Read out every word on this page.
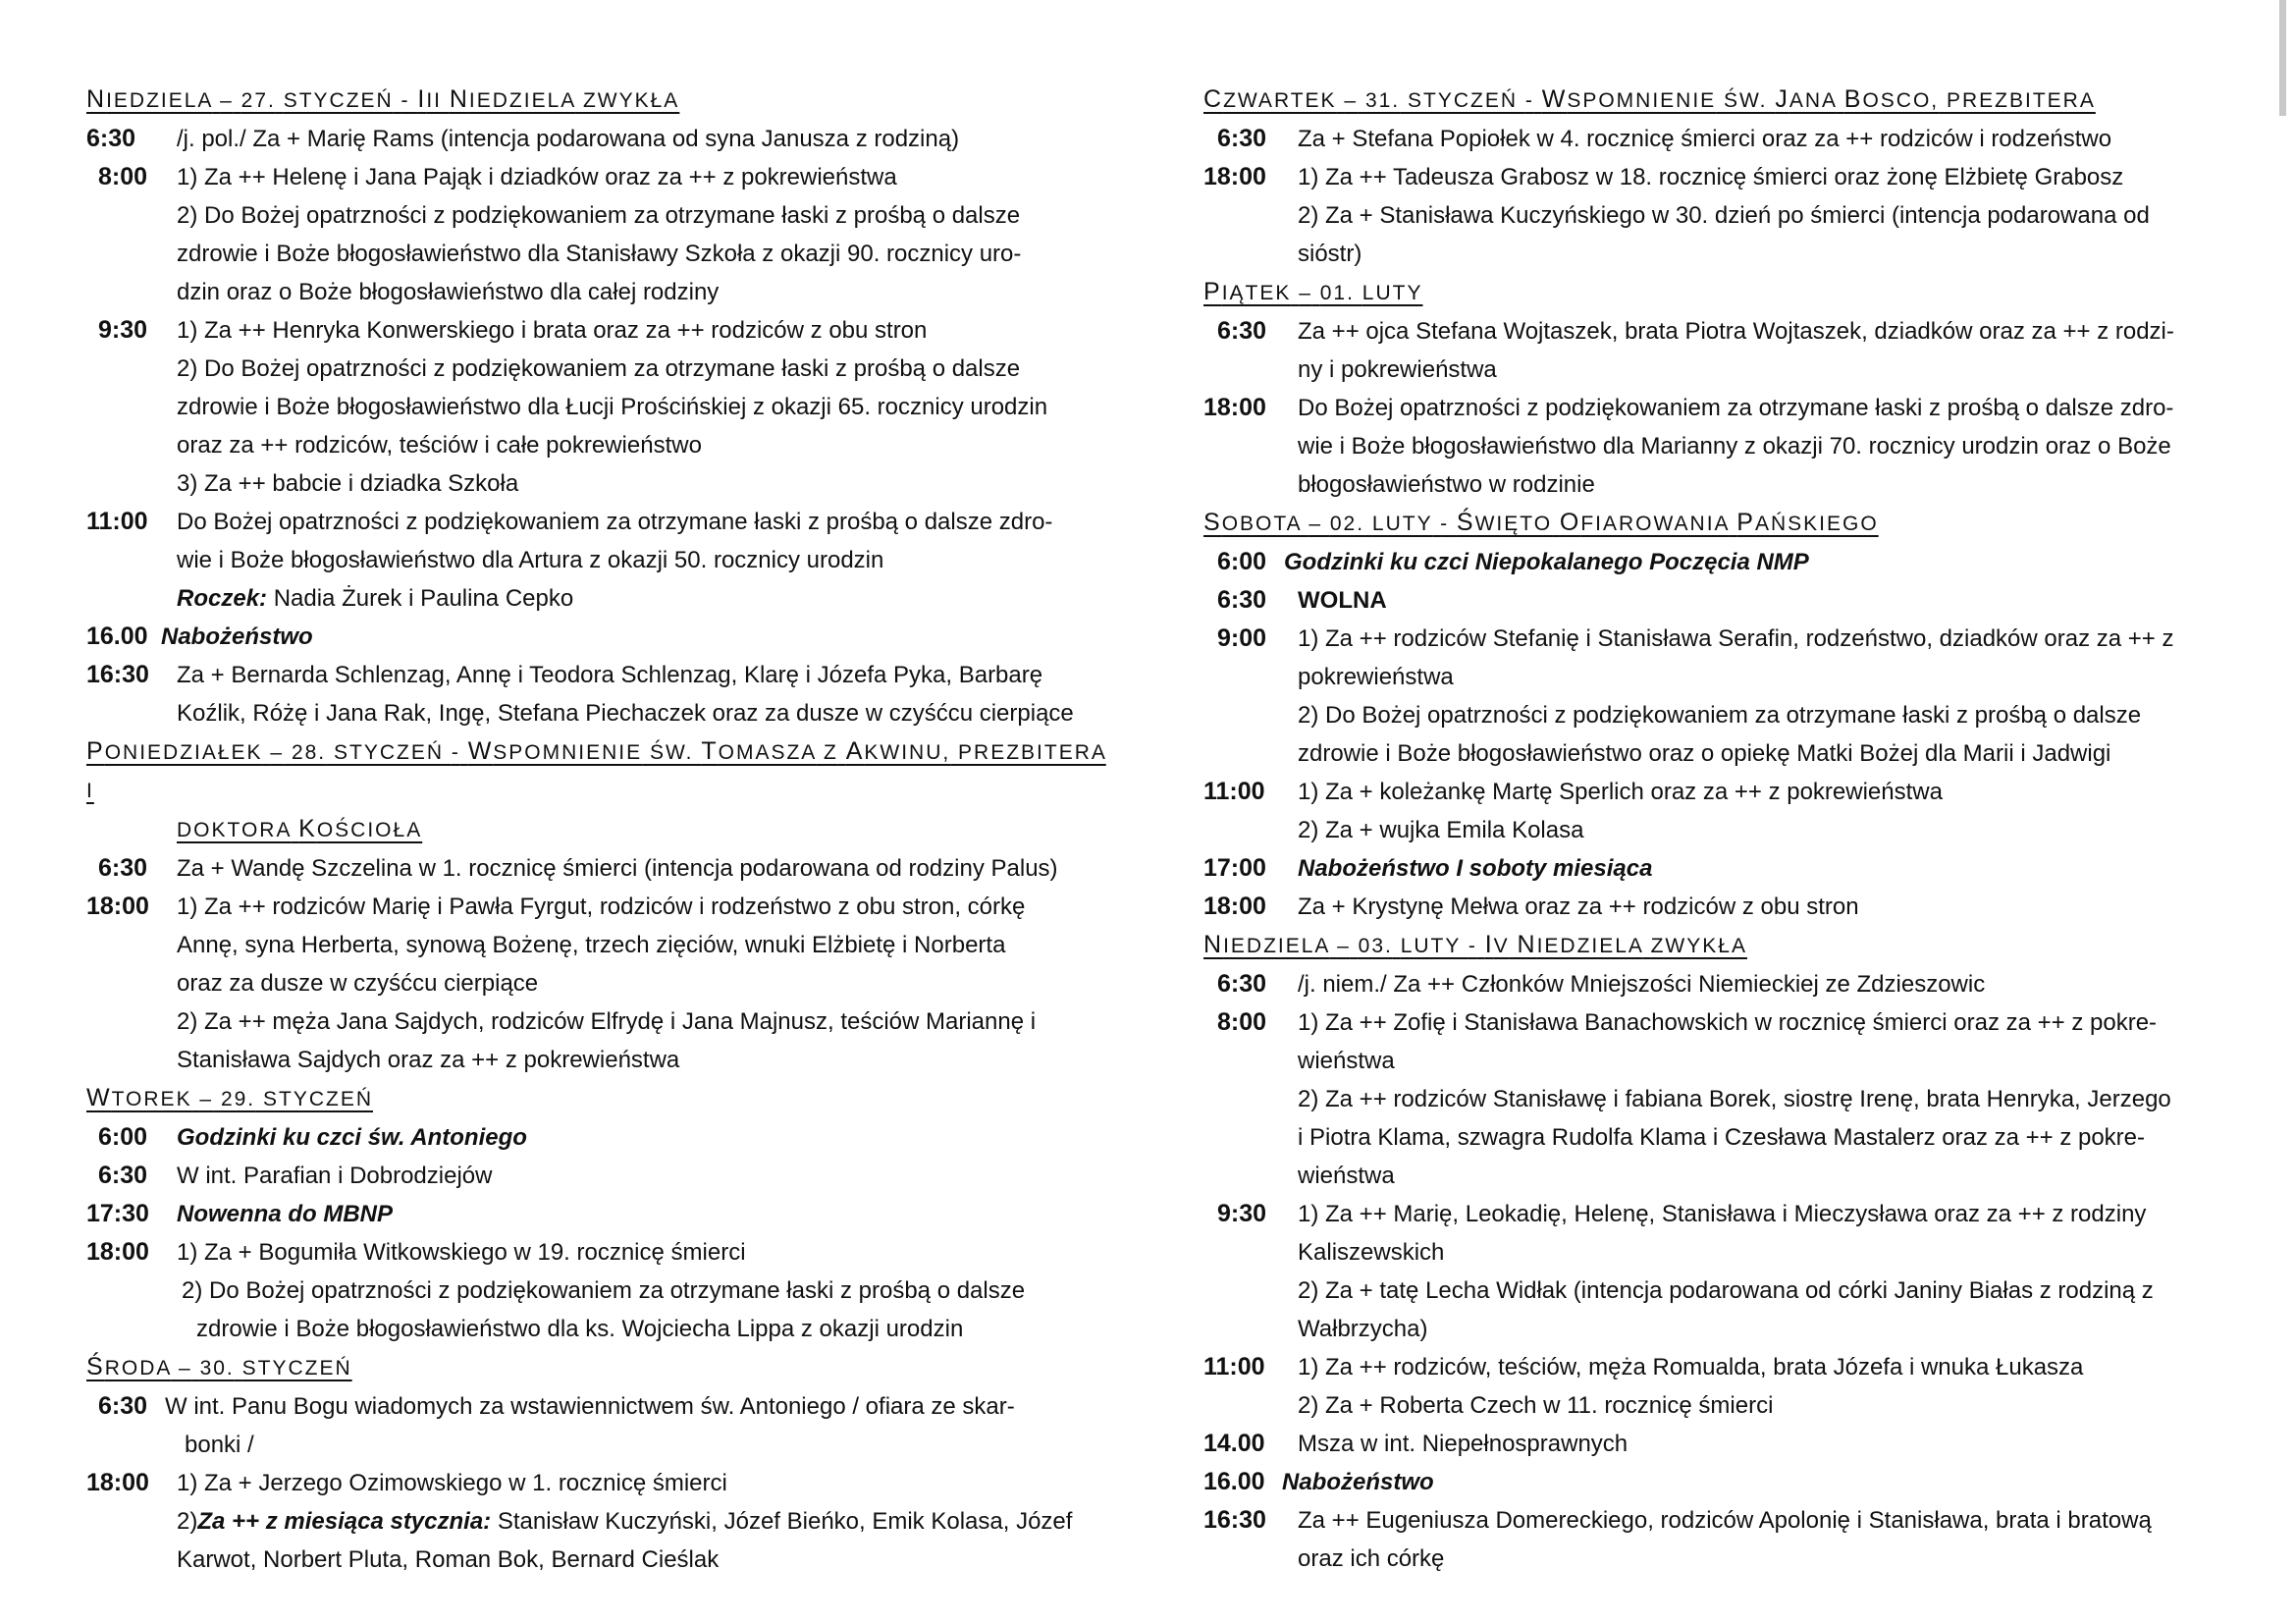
NIEDZIELA – 27. STYCZEŃ - III NIEDZIELA ZWYKŁA
6:30	/j. pol./ Za + Marię Rams (intencja podarowana od syna Janusza z rodziną)
8:00	1) Za ++ Helenę i Jana Pająk i dziadków oraz za ++ z pokrewieństwa
2) Do Bożej opatrzności z podziękowaniem za otrzymane łaski z prośbą o dalsze
zdrowie i Boże błogosławieństwo dla Stanisławy Szkoła z okazji 90. rocznicy uro-
dzin oraz o Boże błogosławieństwo dla całej rodziny
9:30	1) Za ++ Henryka Konwerskiego i brata oraz za ++ rodziców z obu stron
2) Do Bożej opatrzności z podziękowaniem za otrzymane łaski z prośbą o dalsze
zdrowie i Boże błogosławieństwo dla Łucji Prościńskiej z okazji 65. rocznicy urodzin
oraz za ++ rodziców, teściów i całe pokrewieństwo
3) Za ++ babcie i dziadka Szkoła
11:00	Do Bożej opatrzności z podziękowaniem za otrzymane łaski z prośbą o dalsze zdro-
wie i Boże błogosławieństwo dla Artura z okazji 50. rocznicy urodzin
Roczek: Nadia Żurek i Paulina Cepko
16.00 Nabożeństwo
16:30	Za + Bernarda Schlenzag, Annę i Teodora Schlenzag, Klarę i Józefa Pyka, Barbarę
Koźlik, Różę i Jana Rak, Ingę, Stefana Piechaczek oraz za dusze w czyśćcu cierpiące
PONIEDZIAŁEK – 28. STYCZEŃ - WSPOMNIENIE ŚW. TOMASZA Z AKWINU, PREZBITERA I
DOKTORA KOŚCIOŁA
6:30	Za + Wandę Szczelina w 1. rocznicę śmierci (intencja podarowana od rodziny Palus)
18:00	1) Za ++ rodziców Marię i Pawła Fyrgut, rodziców i rodzeństwo z obu stron, córkę
Annę, syna Herberta, synową Bożenę, trzech zięciów, wnuki Elżbietę i Norberta
oraz za dusze w czyśćcu cierpiące
2) Za ++ męża Jana Sajdych, rodziców Elfrydę i Jana Majnusz, teściów Mariannę i
Stanisława Sajdych oraz za ++ z pokrewieństwa
WTOREK – 29. STYCZEŃ
6:00	Godzinki ku czci św. Antoniego
6:30	W int. Parafian i Dobrodziejów
17:30	Nowenna do MBNP
18:00	1) Za + Bogumiła Witkowskiego w 19. rocznicę śmierci
2) Do Bożej opatrzności z podziękowaniem za otrzymane łaski z prośbą o dalsze
zdrowie i Boże błogosławieństwo dla ks. Wojciecha Lippa z okazji urodzin
ŚRODA – 30. STYCZEŃ
6:30 W int. Panu Bogu wiadomych za wstawiennictwem św. Antoniego / ofiara ze skar-
bonki /
18:00	1) Za + Jerzego Ozimowskiego w 1. rocznicę śmierci
2)Za ++ z miesiąca stycznia: Stanisław Kuczyński, Józef Bieńko, Emik Kolasa, Józef
Karwot, Norbert Pluta, Roman Bok, Bernard Cieślak
CZWARTEK – 31. STYCZEŃ - WSPOMNIENIE ŚW. JANA BOSCO, PREZBITERA
6:30	Za + Stefana Popiołek w 4. rocznicę śmierci oraz za ++ rodziców i rodzeństwo
18:00	1) Za ++ Tadeusza Grabosz w 18. rocznicę śmierci oraz żonę Elżbietę Grabosz
2) Za + Stanisława Kuczyńskiego w 30. dzień po śmierci (intencja podarowana od
sióstr)
PIĄTEK – 01. LUTY
6:30	Za ++ ojca Stefana Wojtaszek, brata Piotra Wojtaszek, dziadków oraz za ++ z rodzi-
ny i pokrewieństwa
18:00	Do Bożej opatrzności z podziękowaniem za otrzymane łaski z prośbą o dalsze zdro-
wie i Boże błogosławieństwo dla Marianny z okazji 70. rocznicy urodzin oraz o Boże
błogosławieństwo w rodzinie
SOBOTA – 02. LUTY - ŚWIĘTO OFIAROWANIA PAŃSKIEGO
6:00 Godzinki ku czci Niepokalanego Poczęcia NMP
6:30	WOLNA
9:00	1) Za ++ rodziców Stefanię i Stanisława Serafin, rodzeństwo, dziadków oraz za ++ z
pokrewieństwa
2) Do Bożej opatrzności z podziękowaniem za otrzymane łaski z prośbą o dalsze
zdrowie i Boże błogosławieństwo oraz o opiekę Matki Bożej dla Marii i Jadwigi
11:00	1) Za + koleżankę Martę Sperlich oraz za ++ z pokrewieństwa
2) Za + wujka Emila Kolasa
17:00	Nabożeństwo I soboty miesiąca
18:00	Za + Krystynę Mełwa oraz za ++ rodziców z obu stron
NIEDZIELA – 03. LUTY - IV NIEDZIELA ZWYKŁA
6:30	/j. niem./ Za ++ Członków Mniejszości Niemieckiej ze Zdzieszowic
8:00	1) Za ++ Zofię i Stanisława Banachowskich w rocznicę śmierci oraz za ++ z pokre-
wieństwa
2) Za ++ rodziców Stanisławę i fabiana Borek, siostrę Irenę, brata Henryka, Jerzego
i Piotra Klama, szwagra Rudolfa Klama i Czesława Mastalerz oraz za ++ z pokre-
wieństwa
9:30	1) Za ++ Marię, Leokadię, Helenę, Stanisława i Mieczysława oraz za ++ z rodziny
Kaliszewskich
2) Za + tatę Lecha Widłak (intencja podarowana od córki Janiny Białas z rodziną z
Wałbrzycha)
11:00	1) Za ++ rodziców, teściów, męża Romualda, brata Józefa i wnuka Łukasza
2) Za + Roberta Czech w 11. rocznicę śmierci
14.00	Msza w int. Niepełnosprawnych
16.00 Nabożeństwo
16:30	Za ++ Eugeniusza Domereckiego, rodziców Apolonię i Stanisława, brata i bratową
oraz ich córkę
